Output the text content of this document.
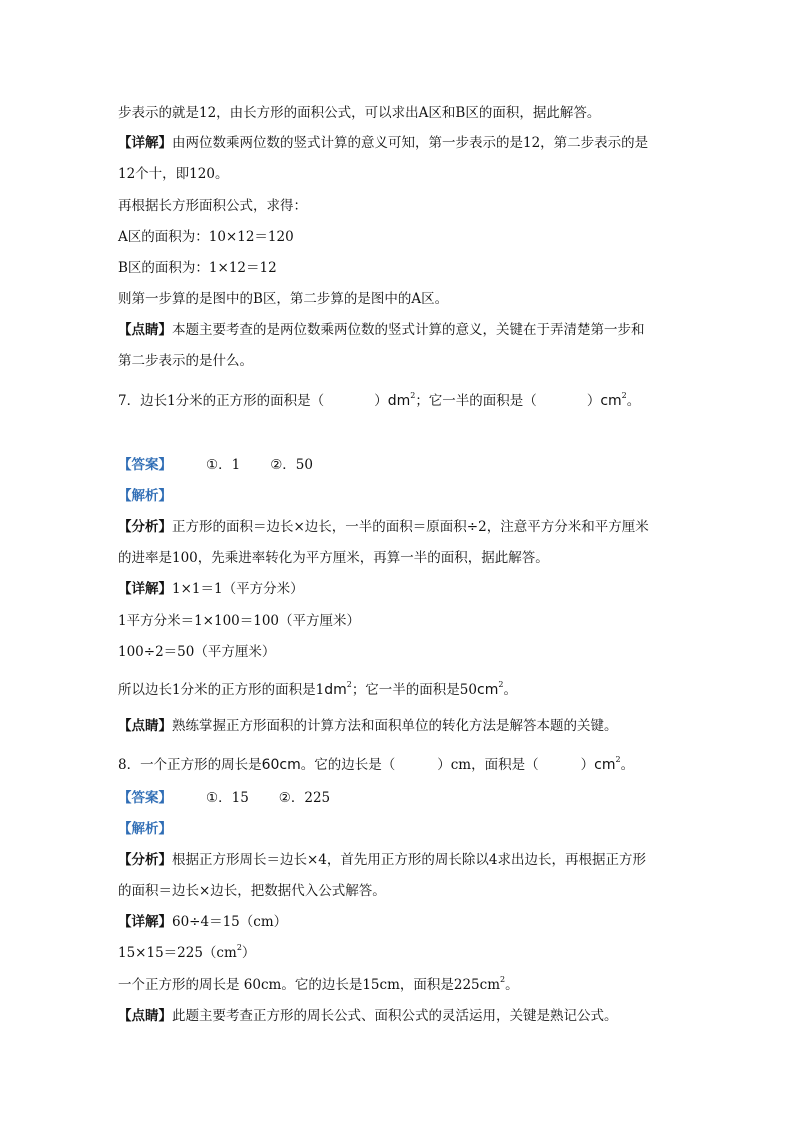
步表示的就是12，由长方形的面积公式，可以求出A区和B区的面积，据此解答。
【详解】由两位数乘两位数的竖式计算的意义可知，第一步表示的是12，第二步表示的是
12个十，即120。
再根据长方形面积公式，求得：
A区的面积为：10×12＝120
B区的面积为：1×12＝12
则第一步算的是图中的B区，第二步算的是图中的A区。
【点睛】本题主要考查的是两位数乘两位数的竖式计算的意义，关键在于弄清楚第一步和
第二步表示的是什么。
7．边长1分米的正方形的面积是（	）$dm^2$；它一半的面积是（	）$cm^2$。
【答案】	①．1 ②．50
【解析】
【分析】正方形的面积＝边长×边长，一半的面积＝原面积÷2，注意平方分米和平方厘米
的进率是100，先乘进率转化为平方厘米，再算一半的面积，据此解答。
【详解】1×1＝1（平方分米）
1平方分米＝1×100＝100（平方厘米）
100÷2＝50（平方厘米）
所以边长1分米的正方形的面积是$1dm^2$；它一半的面积是$50cm^2$。
【点睛】熟练掌握正方形面积的计算方法和面积单位的转化方法是解答本题的关键。
8．一个正方形的周长是60cm。它的边长是（	）cm，面积是（	）$cm^2$。
【答案】	①．15 ②．225
【解析】
【分析】根据正方形周长＝边长×4，首先用正方形的周长除以4求出边长，再根据正方形
的面积＝边长×边长，把数据代入公式解答。
【详解】60÷4＝15（cm）
$15\times 15=225(cm^2)$
一个正方形的周长是 60cm。它的边长是15cm，面积是$225cm^2$。
【点睛】此题主要考查正方形的周长公式、面积公式的灵活运用，关键是熟记公式。
